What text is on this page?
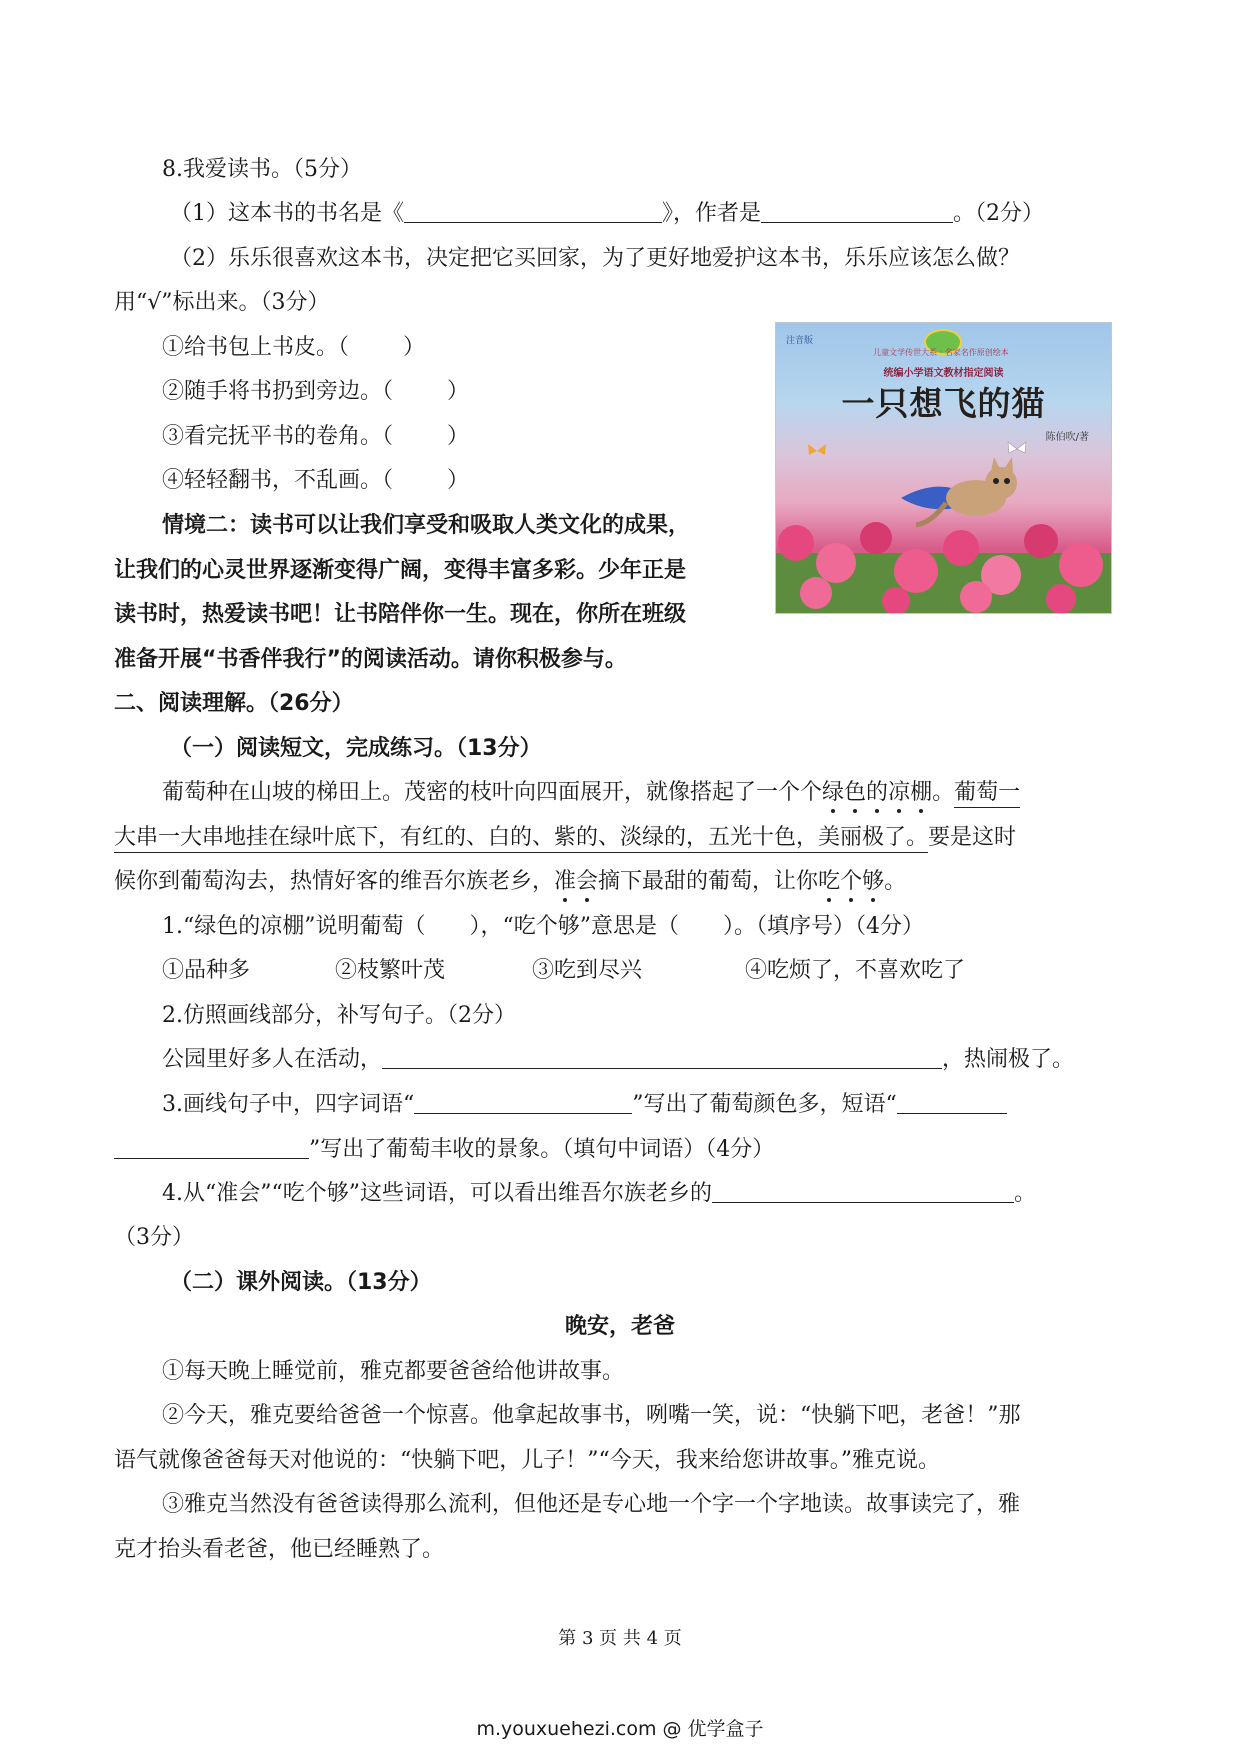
8.我爱读书。（5分）
（1）这本书的书名是《	》，作者是	。（2分）
（2）乐乐很喜欢这本书，决定把它买回家，为了更好地爱护这本书，乐乐应该怎么做？
用“√”标出来。（3分）
①给书包上书皮。（ ）
②随手将书扔到旁边。（ ）
③看完抚平书的卷角。（ ）
④轻轻翻书，不乱画。（ ）
情境二：读书可以让我们享受和吸取人类文化的成果，
让我们的心灵世界逐渐变得广阔，变得丰富多彩。少年正是
读书时，热爱读书吧！让书陪伴你一生。现在，你所在班级
准备开展“书香伴我行”的阅读活动。请你积极参与。
注音版
儿童文学传世大系 · 名家名作原创绘本
统编小学语文教材指定阅读
一只想飞的猫
陈伯吹/著
二、阅读理解。（26分）
（一）阅读短文，完成练习。（13分）
葡萄种在山坡的梯田上。茂密的枝叶向四面展开，就像搭起了一个个绿色的凉棚。葡萄一
大串一大串地挂在绿叶底下，有红的、白的、紫的、淡绿的，五光十色，美丽极了。要是这时
候你到葡萄沟去，热情好客的维吾尔族老乡，准会摘下最甜的葡萄，让你吃个够。
1.“绿色的凉棚”说明葡萄（　　），“吃个够”意思是（　　）。（填序号）（4分）
①品种多	②枝繁叶茂	③吃到尽兴	④吃烦了，不喜欢吃了
2.仿照画线部分，补写句子。（2分）
公园里好多人在活动，	，热闹极了。
3.画线句子中，四字词语“	”写出了葡萄颜色多，短语“
”写出了葡萄丰收的景象。（填句中词语）（4分）
4.从“准会”“吃个够”这些词语，可以看出维吾尔族老乡的	。
（3分）
（二）课外阅读。（13分）
晚安，老爸
①每天晚上睡觉前，雅克都要爸爸给他讲故事。
②今天，雅克要给爸爸一个惊喜。他拿起故事书，咧嘴一笑，说：“快躺下吧，老爸！”那
语气就像爸爸每天对他说的：“快躺下吧，儿子！”“今天，我来给您讲故事。”雅克说。
③雅克当然没有爸爸读得那么流利，但他还是专心地一个字一个字地读。故事读完了，雅
克才抬头看老爸，他已经睡熟了。
第 3 页 共 4 页
m.youxuehezi.com @ 优学盒子
